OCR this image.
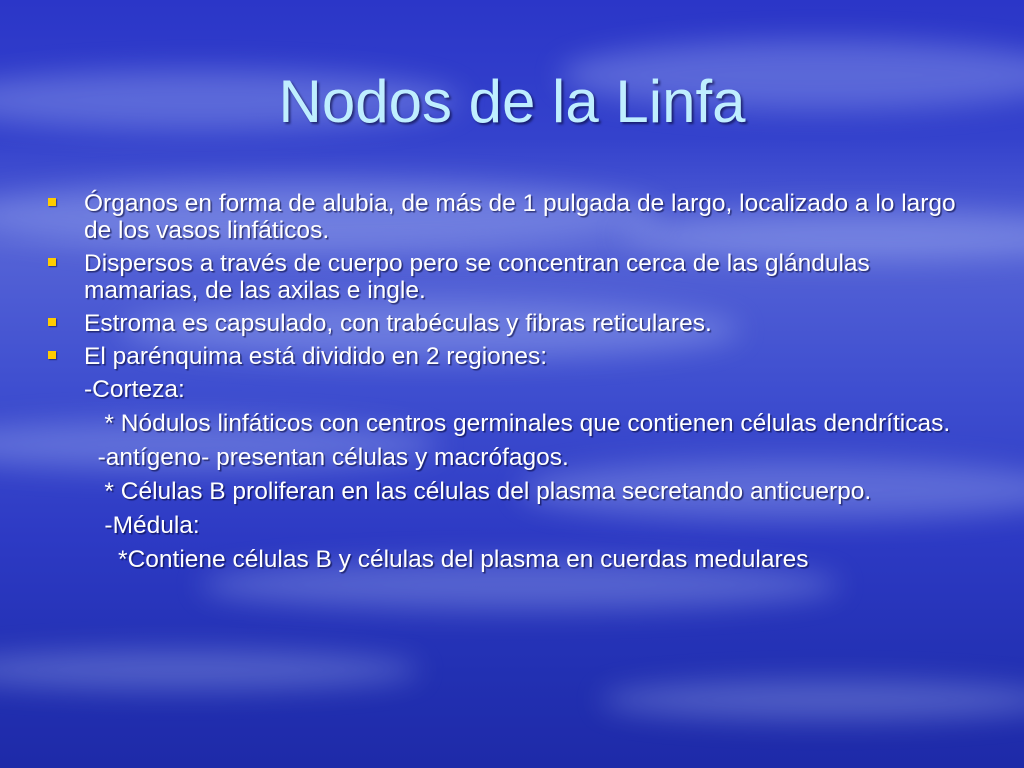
Nodos de la Linfa
Órganos en forma de alubia, de más de 1 pulgada de largo, localizado a lo largo de los vasos linfáticos.
Dispersos a través de cuerpo pero se concentran cerca de las glándulas mamarias, de las axilas e ingle.
Estroma es capsulado, con trabéculas y fibras reticulares.
El parénquima está dividido en 2 regiones:
-Corteza:
* Nódulos linfáticos con centros germinales que contienen células dendríticas.
-antígeno- presentan células y macrófagos.
* Células B proliferan en las células del plasma secretando anticuerpo.
-Médula:
*Contiene células B y células del plasma en cuerdas medulares
